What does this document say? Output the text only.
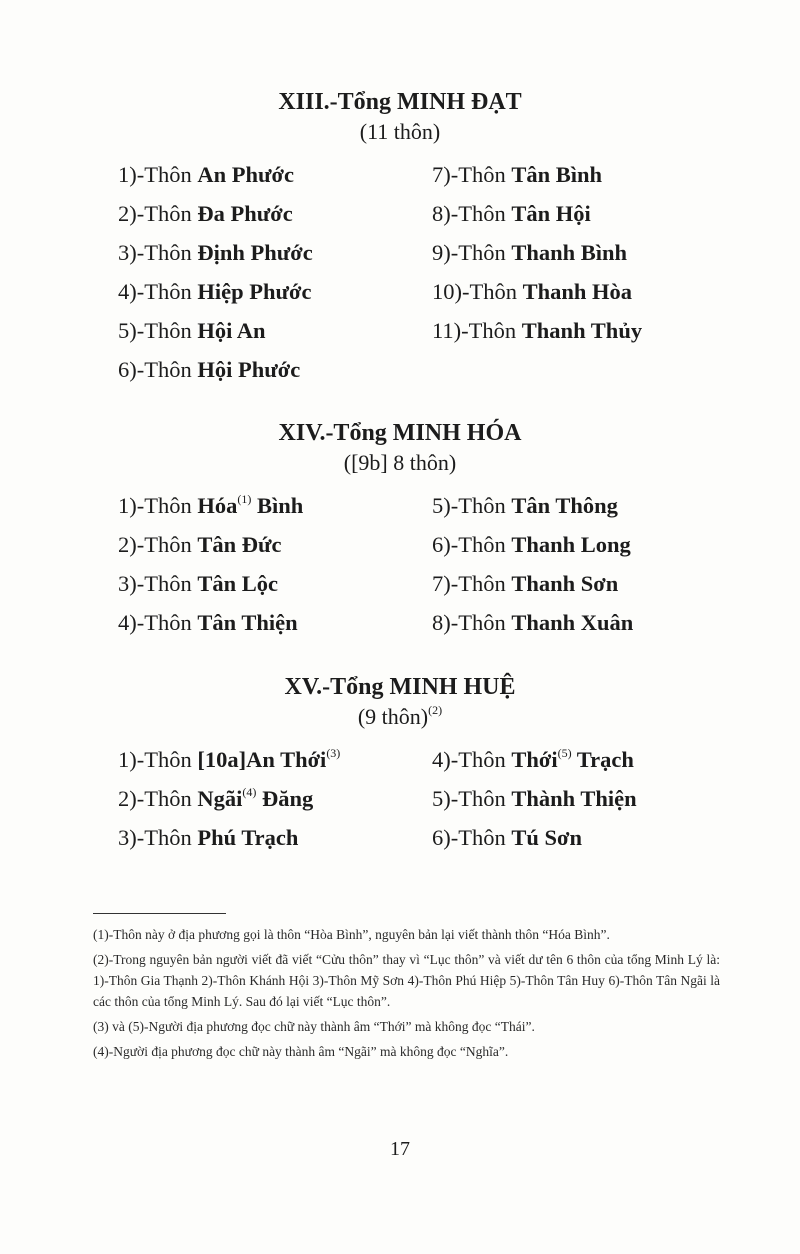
XIII.-Tổng MINH ĐẠT

(11 thôn)

1)-Thôn An Phước
2)-Thôn Đa Phước
3)-Thôn Định Phước
4)-Thôn Hiệp Phước
5)-Thôn Hội An
6)-Thôn Hội Phước
7)-Thôn Tân Bình
8)-Thôn Tân Hội
9)-Thôn Thanh Bình
10)-Thôn Thanh Hòa
11)-Thôn Thanh Thủy

XIV.-Tổng MINH HÓA

([9b] 8 thôn)

1)-Thôn Hóa$^{(1)}$ Bình
2)-Thôn Tân Đức
3)-Thôn Tân Lộc
4)-Thôn Tân Thiện
5)-Thôn Tân Thông
6)-Thôn Thanh Long
7)-Thôn Thanh Sơn
8)-Thôn Thanh Xuân

XV.-Tổng MINH HUỆ

(9 thôn)$^{(2)}$

1)-Thôn [10a]An Thới$^{(3)}$
2)-Thôn Ngãi$^{(4)}$ Đăng
3)-Thôn Phú Trạch
4)-Thôn Thới$^{(5)}$ Trạch
5)-Thôn Thành Thiện
6)-Thôn Tú Sơn

(1)-Thôn này ở địa phương gọi là thôn “Hòa Bình”, nguyên bản lại viết thành thôn “Hóa Bình”.

(2)-Trong nguyên bản người viết đã viết “Cửu thôn” thay vì “Lục thôn” và viết dư tên 6 thôn của tổng Minh Lý là: 1)-Thôn Gia Thạnh 2)-Thôn Khánh Hội 3)-Thôn Mỹ Sơn 4)-Thôn Phú Hiệp 5)-Thôn Tân Huy 6)-Thôn Tân Ngãi là các thôn của tổng Minh Lý. Sau đó lại viết “Lục thôn”.

(3) và (5)-Người địa phương đọc chữ này thành âm “Thới” mà không đọc “Thái”.

(4)-Người địa phương đọc chữ này thành âm “Ngãi” mà không đọc “Nghĩa”.

17
